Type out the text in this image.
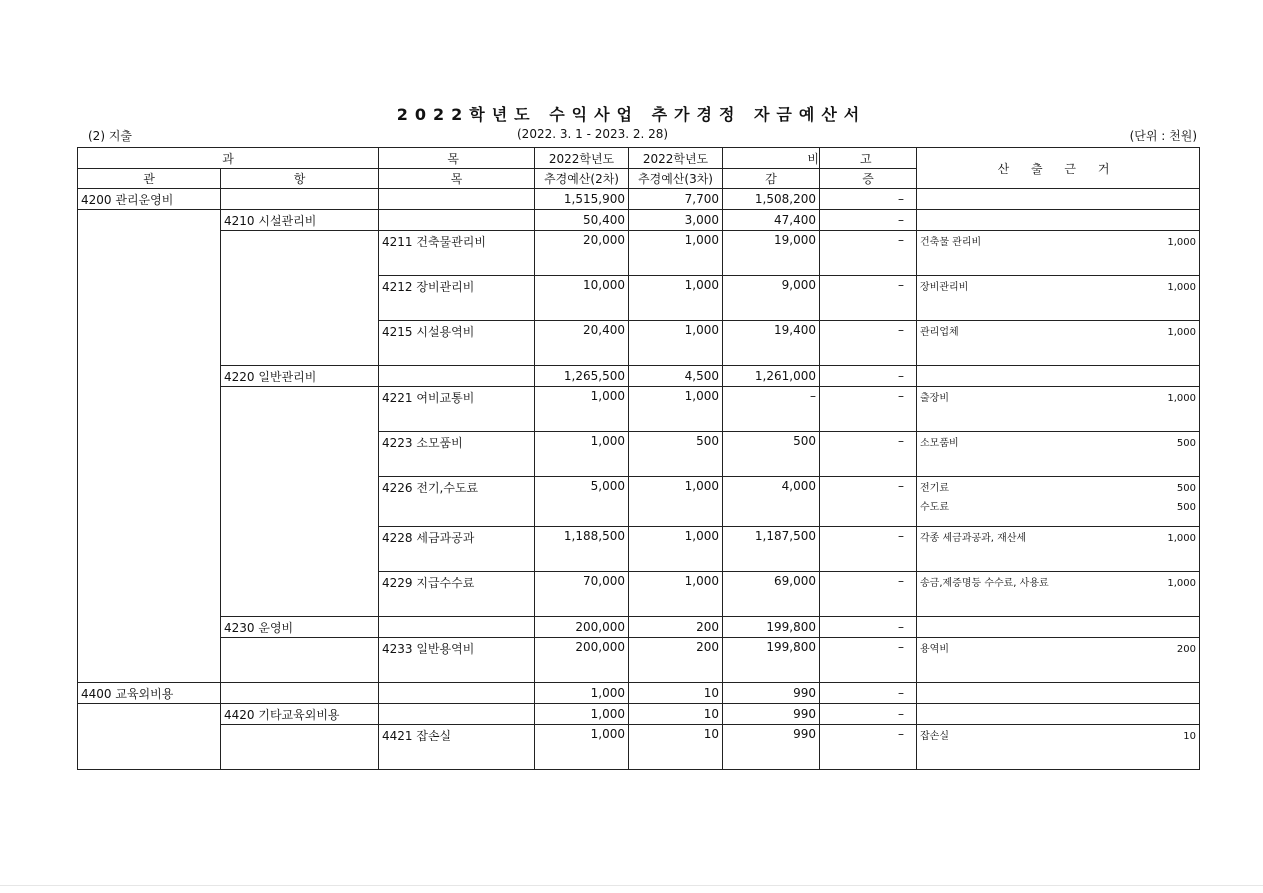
2022학년도 수익사업 추가경정 자금예산서
(2) 지출	(2022. 3. 1 - 2023. 2. 28)	(단위 : 천원)
과		목	2022학년도	2022학년도	비	고	산 출 근 거
관	항	목	추경예산(2차)	추경예산(3차)	감	증	
4200 관리운영비			1,515,900	7,700	1,508,200	–	
	4210 시설관리비		50,400	3,000	47,400	–	
		4211 건축물관리비	20,000	1,000	19,000	–	건축물 관리비 1,000

		4212 장비관리비	10,000	1,000	9,000	–	장비관리비 1,000

		4215 시설용역비	20,400	1,000	19,400	–	관리업체 1,000

	4220 일반관리비		1,265,500	4,500	1,261,000	–	
		4221 여비교통비	1,000	1,000	–	–	출장비 1,000

		4223 소모품비	1,000	500	500	–	소모품비 500

		4226 전기,수도료	5,000	1,000	4,000	–	전기료 500
수도료 500

		4228 세금과공과	1,188,500	1,000	1,187,500	–	각종 세금과공과, 재산세 1,000

		4229 지급수수료	70,000	1,000	69,000	–	송금,제증명등 수수료, 사용료 1,000

	4230 운영비		200,000	200	199,800	–	
		4233 일반용역비	200,000	200	199,800	–	용역비 200

4400 교육외비용			1,000	10	990	–	
	4420 기타교육외비용		1,000	10	990	–	
		4421 잡손실	1,000	10	990	–	잡손실 10
